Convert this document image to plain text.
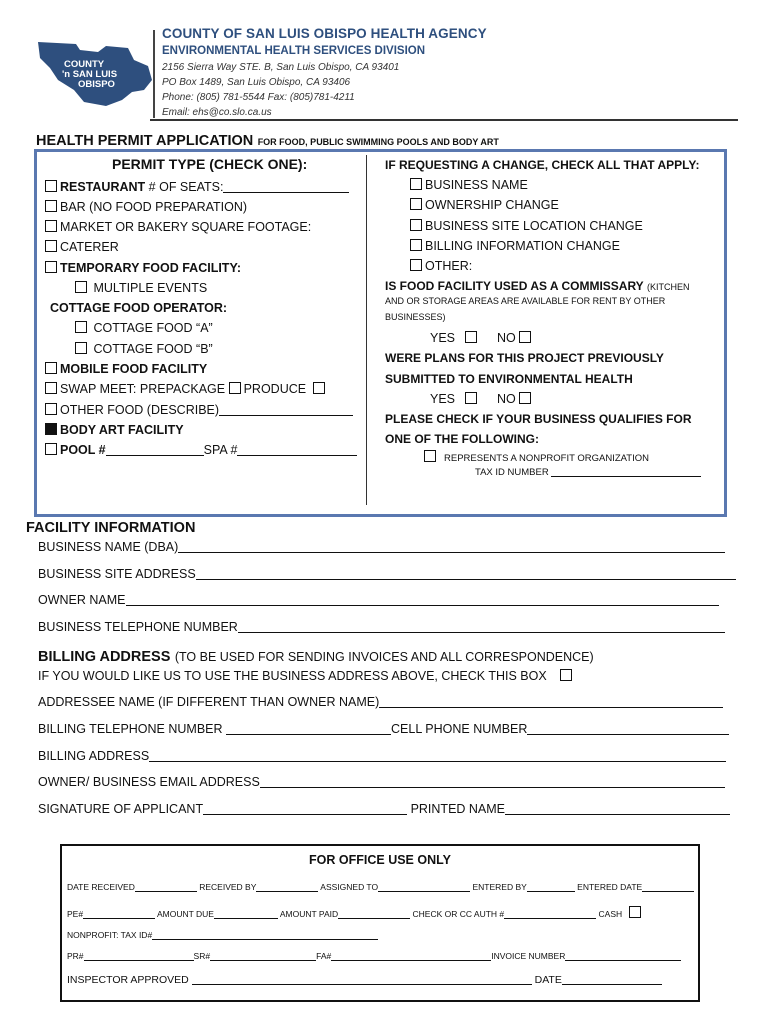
COUNTY
'n SAN LUIS
OBISPO
COUNTY OF SAN LUIS OBISPO HEALTH AGENCY
ENVIRONMENTAL HEALTH SERVICES DIVISION
2156 Sierra Way STE. B, San Luis Obispo, CA 93401
PO Box 1489, San Luis Obispo, CA 93406
Phone: (805) 781-5544 Fax: (805)781-4211
Email: ehs@co.slo.ca.us
HEALTH PERMIT APPLICATION FOR FOOD, PUBLIC SWIMMING POOLS AND BODY ART
PERMIT TYPE (CHECK ONE):
RESTAURANT # OF SEATS:
BAR (NO FOOD PREPARATION)
MARKET OR BAKERY SQUARE FOOTAGE:
CATERER
TEMPORARY FOOD FACILITY:
MULTIPLE EVENTS
COTTAGE FOOD OPERATOR:
COTTAGE FOOD “A”
COTTAGE FOOD “B”
MOBILE FOOD FACILITY
SWAP MEET: PREPACKAGE PRODUCE
OTHER FOOD (DESCRIBE)
BODY ART FACILITY
POOL #	SPA #
IF REQUESTING A CHANGE, CHECK ALL THAT APPLY:
BUSINESS NAME
OWNERSHIP CHANGE
BUSINESS SITE LOCATION CHANGE
BILLING INFORMATION CHANGE
OTHER:
IS FOOD FACILITY USED AS A COMMISSARY (KITCHEN
AND OR STORAGE AREAS ARE AVAILABLE FOR RENT BY OTHER
BUSINESSES)
YES	NO
WERE PLANS FOR THIS PROJECT PREVIOUSLY
SUBMITTED TO ENVIRONMENTAL HEALTH
YES	NO
PLEASE CHECK IF YOUR BUSINESS QUALIFIES FOR
ONE OF THE FOLLOWING:
REPRESENTS A NONPROFIT ORGANIZATION
TAX ID NUMBER
FACILITY INFORMATION
BUSINESS NAME (DBA)
BUSINESS SITE ADDRESS
OWNER NAME
BUSINESS TELEPHONE NUMBER
BILLING ADDRESS (TO BE USED FOR SENDING INVOICES AND ALL CORRESPONDENCE)
IF YOU WOULD LIKE US TO USE THE BUSINESS ADDRESS ABOVE, CHECK THIS BOX
ADDRESSEE NAME (IF DIFFERENT THAN OWNER NAME)
BILLING TELEPHONE NUMBER	CELL PHONE NUMBER
BILLING ADDRESS
OWNER/ BUSINESS EMAIL ADDRESS
SIGNATURE OF APPLICANT	PRINTED NAME
FOR OFFICE USE ONLY
DATE RECEIVED	RECEIVED BY	ASSIGNED TO	ENTERED BY	ENTERED DATE
PE#	AMOUNT DUE	AMOUNT PAID	CHECK OR CC AUTH #	CASH
NONPROFIT: TAX ID#
PR#	SR#	FA#	INVOICE NUMBER
INSPECTOR APPROVED	DATE
